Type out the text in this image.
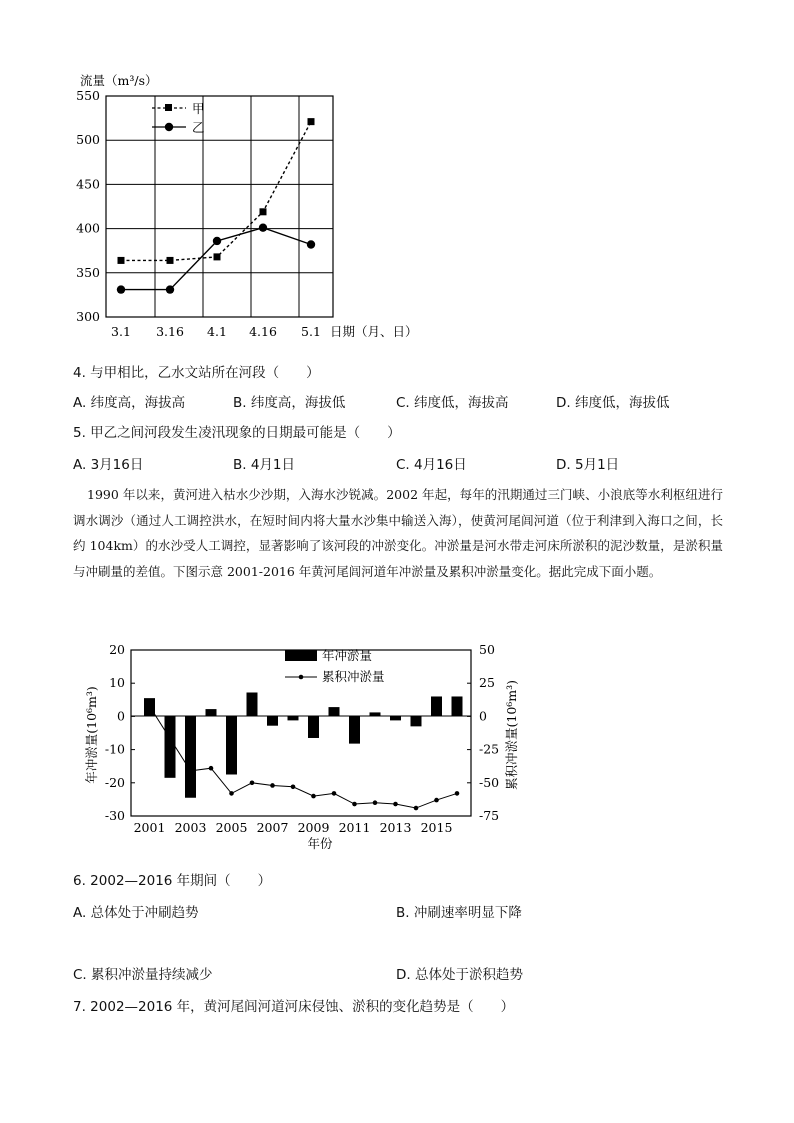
流量（m³/s）
550
500
450
400
350
300
3.1 3.16 4.1 4.16 5.1 日期（月、日）
甲
乙
4. 与甲相比，乙水文站所在河段（　　）
A. 纬度高，海拔高	B. 纬度高，海拔低	C. 纬度低，海拔高	D. 纬度低，海拔低
5. 甲乙之间河段发生凌汛现象的日期最可能是（　　）
A. 3月16日	B. 4月1日	C. 4月16日	D. 5月1日
1990 年以来，黄河进入枯水少沙期，入海水沙锐减。2002 年起，每年的汛期通过三门峡、小浪底等水利枢纽进行调水调沙（通过人工调控洪水，在短时间内将大量水沙集中输送入海），使黄河尾闾河道（位于利津到入海口之间，长约 104km）的水沙受人工调控，显著影响了该河段的冲淤变化。冲淤量是河水带走河床所淤积的泥沙数量，是淤积量与冲刷量的差值。下图示意 2001-2016 年黄河尾闾河道年冲淤量及累积冲淤量变化。据此完成下面小题。
20
10
0
-10
-20
-30
50
25
0
-25
-50
-75
2001 2003 2005 2007 2009 2011 2013 2015
年冲淤量(10⁶m³)	累积冲淤量(10⁶m³)
年份
年冲淤量
累积冲淤量
6. 2002—2016 年期间（　　）
A. 总体处于冲刷趋势	B. 冲刷速率明显下降
C. 累积冲淤量持续减少	D. 总体处于淤积趋势
7. 2002—2016 年，黄河尾闾河道河床侵蚀、淤积的变化趋势是（　　）
